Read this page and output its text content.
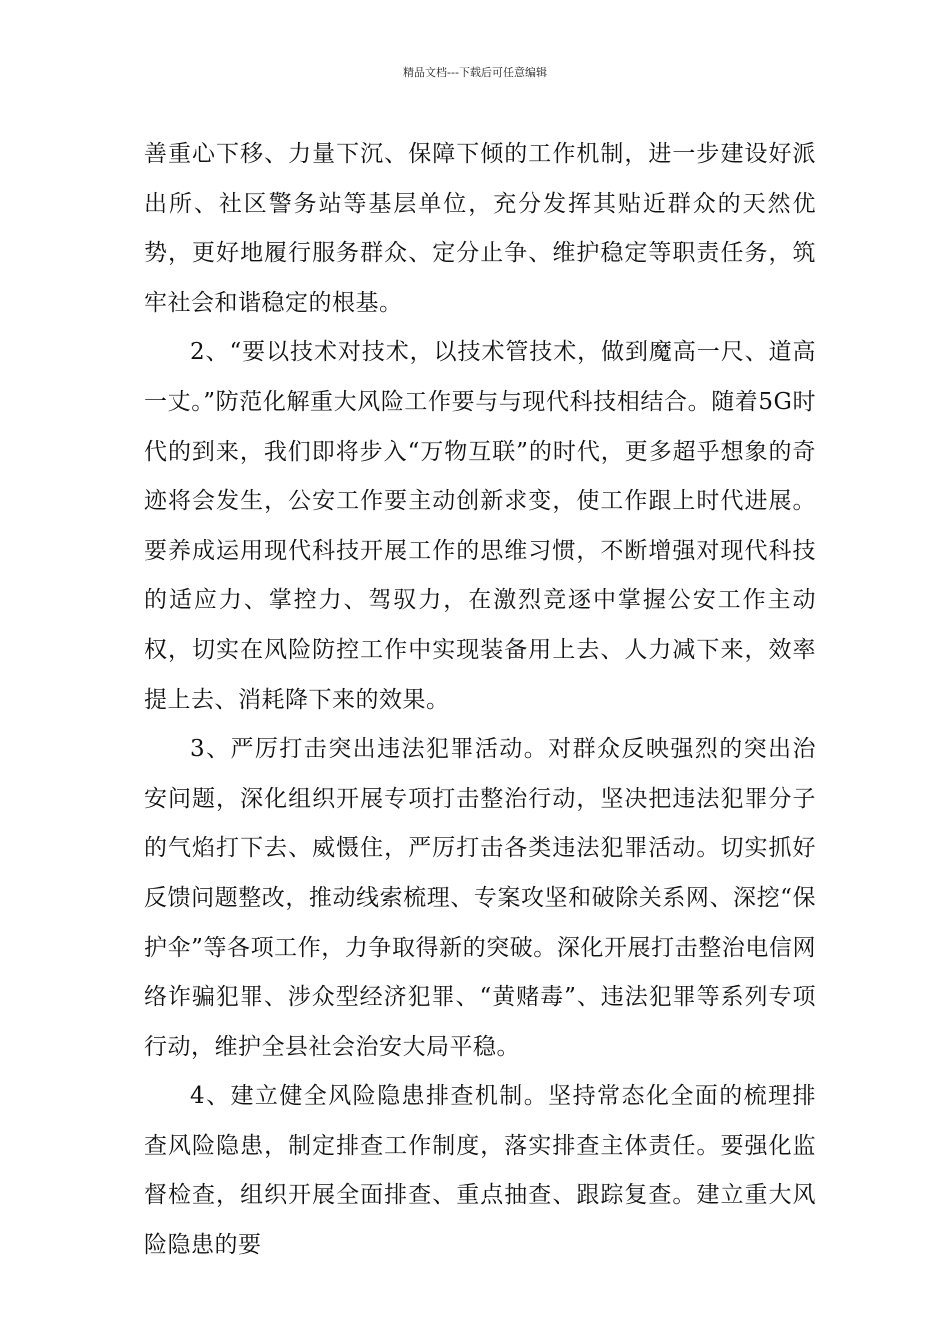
精品文档---下载后可任意编辑

善重心下移、力量下沉、保障下倾的工作机制，进一步建设好派出所、社区警务站等基层单位，充分发挥其贴近群众的天然优势，更好地履行服务群众、定分止争、维护稳定等职责任务，筑牢社会和谐稳定的根基。

2、“要以技术对技术，以技术管技术，做到魔高一尺、道高一丈。”防范化解重大风险工作要与与现代科技相结合。随着5G时代的到来，我们即将步入“万物互联”的时代，更多超乎想象的奇迹将会发生，公安工作要主动创新求变，使工作跟上时代进展。要养成运用现代科技开展工作的思维习惯，不断增强对现代科技的适应力、掌控力、驾驭力，在激烈竞逐中掌握公安工作主动权，切实在风险防控工作中实现装备用上去、人力减下来，效率提上去、消耗降下来的效果。

3、严厉打击突出违法犯罪活动。对群众反映强烈的突出治安问题，深化组织开展专项打击整治行动，坚决把违法犯罪分子的气焰打下去、威慑住，严厉打击各类违法犯罪活动。切实抓好反馈问题整改，推动线索梳理、专案攻坚和破除关系网、深挖“保护伞”等各项工作，力争取得新的突破。深化开展打击整治电信网络诈骗犯罪、涉众型经济犯罪、“黄赌毒”、违法犯罪等系列专项行动，维护全县社会治安大局平稳。

4、建立健全风险隐患排查机制。坚持常态化全面的梳理排查风险隐患，制定排查工作制度，落实排查主体责任。要强化监督检查，组织开展全面排查、重点抽查、跟踪复查。建立重大风险隐患的要
